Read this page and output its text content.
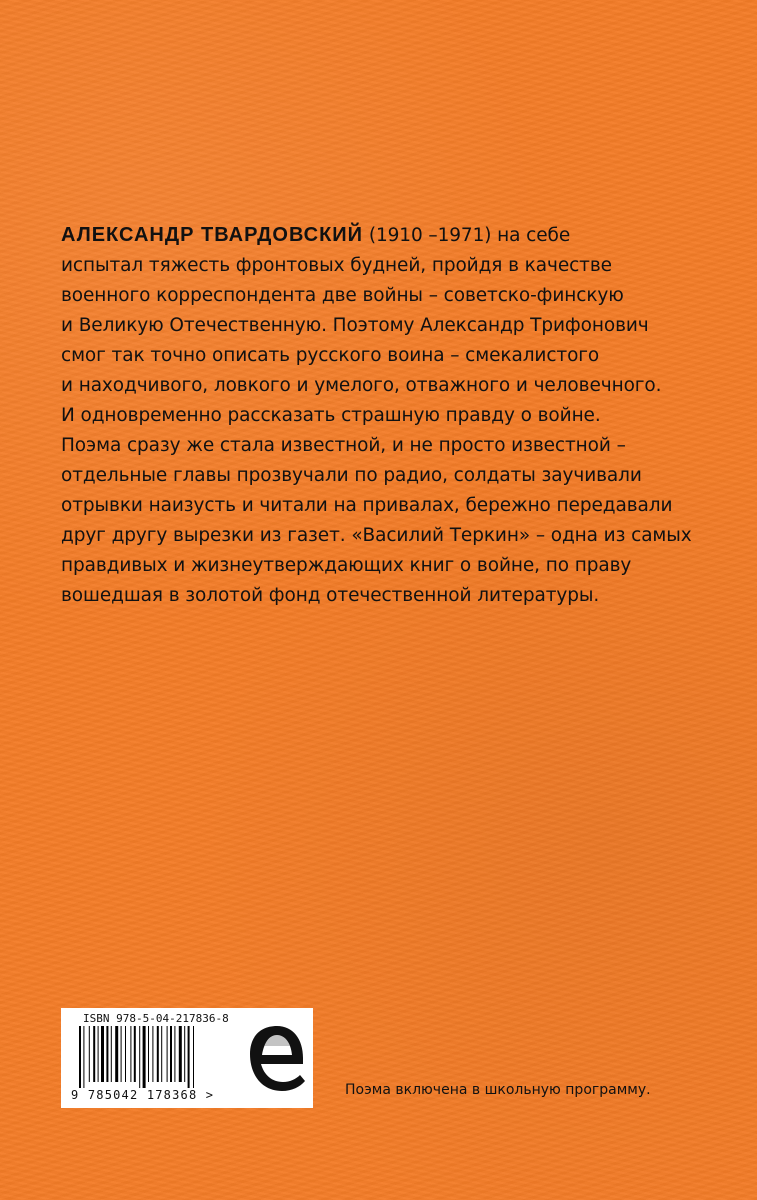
АЛЕКСАНДР ТВАРДОВСКИЙ (1910 –1971) на себе
испытал тяжесть фронтовых будней, пройдя в качестве
военного корреспондента две войны – советско-финскую
и Великую Отечественную. Поэтому Александр Трифонович
смог так точно описать русского воина – смекалистого
и находчивого, ловкого и умелого, отважного и человечного.
И одновременно рассказать страшную правду о войне.
Поэма сразу же стала известной, и не просто известной –
отдельные главы прозвучали по радио, солдаты заучивали
отрывки наизусть и читали на привалах, бережно передавали
друг другу вырезки из газет. «Василий Теркин» – одна из самых
правдивых и жизнеутверждающих книг о войне, по праву
вошедшая в золотой фонд отечественной литературы.

ISBN 978-5-04-217836-8
9 785042 178368 >	Поэма включена в школьную программу.
